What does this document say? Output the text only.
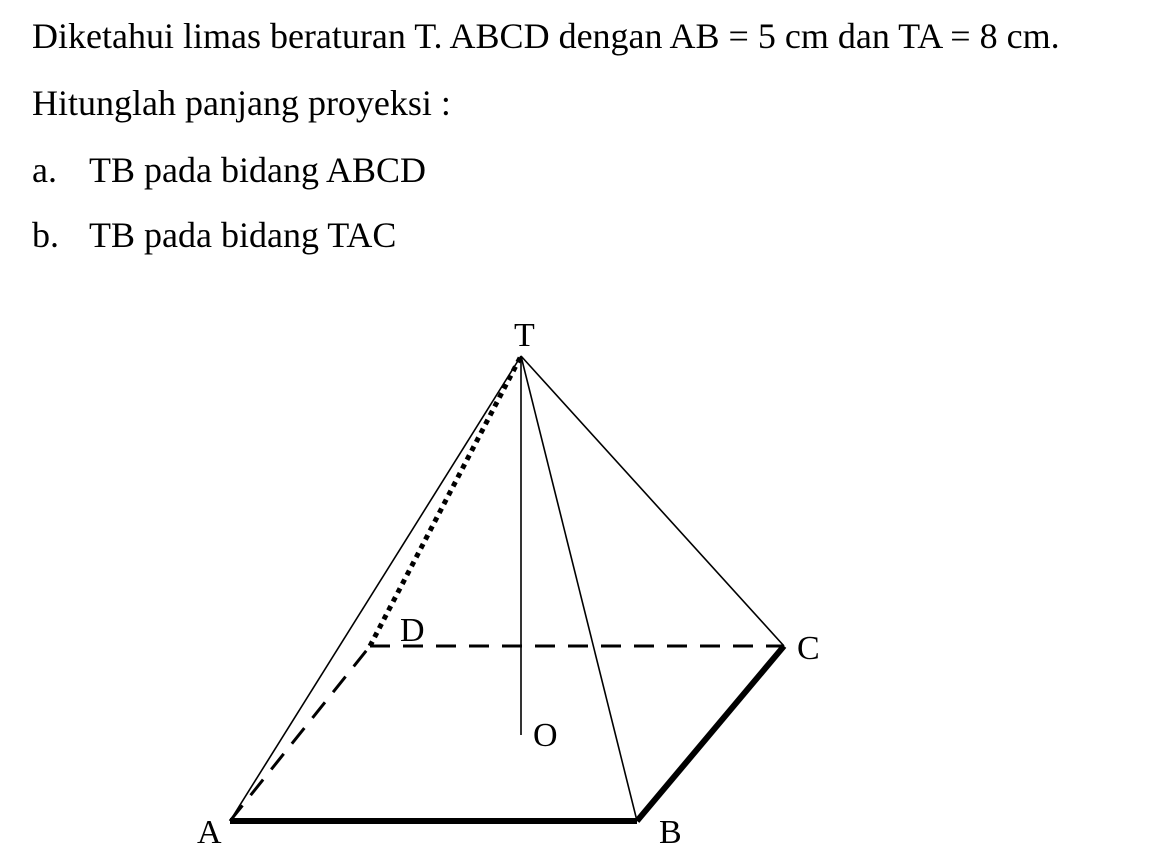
Diketahui limas beraturan T. ABCD dengan AB = 5 cm dan TA = 8 cm.
Hitunglah panjang proyeksi :
a. TB pada bidang ABCD
b. TB pada bidang TAC
T
D	C
O
A	B
